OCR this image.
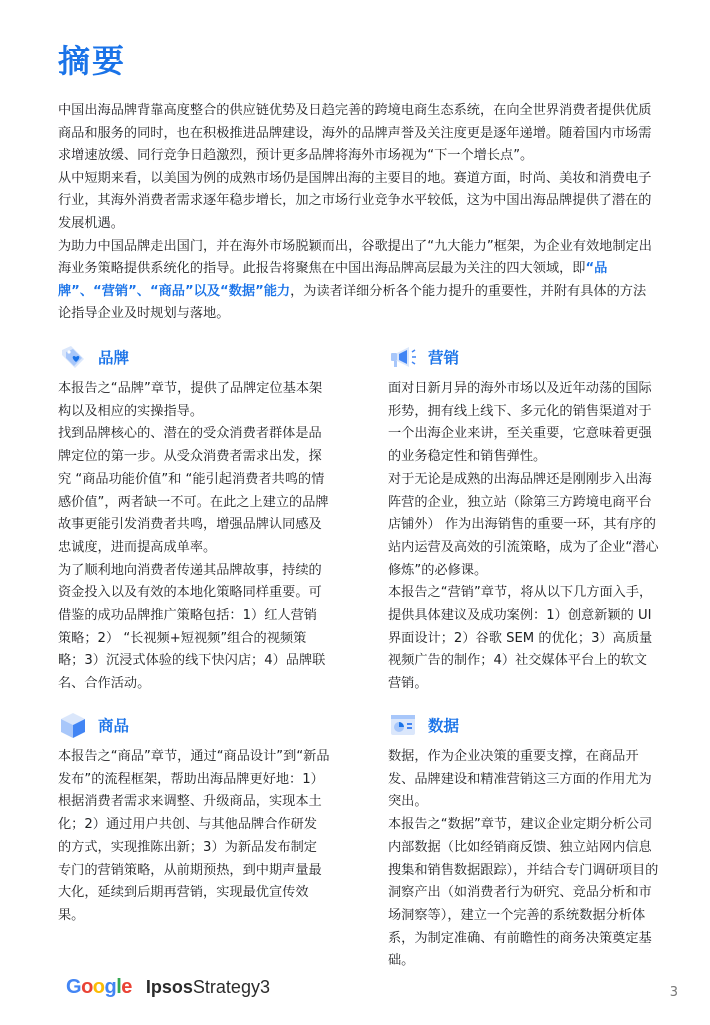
摘要

中国出海品牌背靠高度整合的供应链优势及日趋完善的跨境电商生态系统，在向全世界消费者提供优质商品和服务的同时，也在积极推进品牌建设，海外的品牌声誉及关注度更是逐年递增。随着国内市场需求增速放缓、同行竞争日趋激烈，预计更多品牌将海外市场视为“下一个增长点”。

从中短期来看，以美国为例的成熟市场仍是国牌出海的主要目的地。赛道方面，时尚、美妆和消费电子行业，其海外消费者需求逐年稳步增长，加之市场行业竞争水平较低，这为中国出海品牌提供了潜在的发展机遇。

为助力中国品牌走出国门，并在海外市场脱颖而出，谷歌提出了“九大能力”框架，为企业有效地制定出海业务策略提供系统化的指导。此报告将聚焦在中国出海品牌高层最为关注的四大领域，即“品牌”、“营销”、“商品”以及“数据”能力，为读者详细分析各个能力提升的重要性，并附有具体的方法论指导企业及时规划与落地。

品牌

本报告之“品牌”章节，提供了品牌定位基本架构以及相应的实操指导。

找到品牌核心的、潜在的受众消费者群体是品牌定位的第一步。从受众消费者需求出发，探究 “商品功能价值”和 “能引起消费者共鸣的情感价值”，两者缺一不可。在此之上建立的品牌故事更能引发消费者共鸣，增强品牌认同感及忠诚度，进而提高成单率。

为了顺利地向消费者传递其品牌故事，持续的资金投入以及有效的本地化策略同样重要。可借鉴的成功品牌推广策略包括：1）红人营销策略；2） “长视频+短视频”组合的视频策略；3）沉浸式体验的线下快闪店；4）品牌联名、合作活动。

营销

面对日新月异的海外市场以及近年动荡的国际形势，拥有线上线下、多元化的销售渠道对于一个出海企业来讲，至关重要，它意味着更强的业务稳定性和销售弹性。

对于无论是成熟的出海品牌还是刚刚步入出海阵营的企业，独立站（除第三方跨境电商平台店铺外） 作为出海销售的重要一环，其有序的站内运营及高效的引流策略，成为了企业“潜心修炼”的必修课。

本报告之“营销”章节，将从以下几方面入手，提供具体建议及成功案例：1）创意新颖的 UI 界面设计；2）谷歌 SEM 的优化；3）高质量视频广告的制作；4）社交媒体平台上的软文营销。

商品

本报告之“商品”章节，通过“商品设计”到“新品发布”的流程框架，帮助出海品牌更好地：1）根据消费者需求来调整、升级商品，实现本土化；2）通过用户共创、与其他品牌合作研发的方式，实现推陈出新；3）为新品发布制定专门的营销策略，从前期预热，到中期声量最大化，延续到后期再营销，实现最优宣传效果。

数据

数据，作为企业决策的重要支撑，在商品开发、品牌建设和精准营销这三方面的作用尤为突出。

本报告之“数据”章节，建议企业定期分析公司内部数据（比如经销商反馈、独立站网内信息搜集和销售数据跟踪），并结合专门调研项目的洞察产出（如消费者行为研究、竞品分析和市场洞察等），建立一个完善的系统数据分析体系，为制定准确、有前瞻性的商务决策奠定基础。

Google IpsosStrategy3	3
